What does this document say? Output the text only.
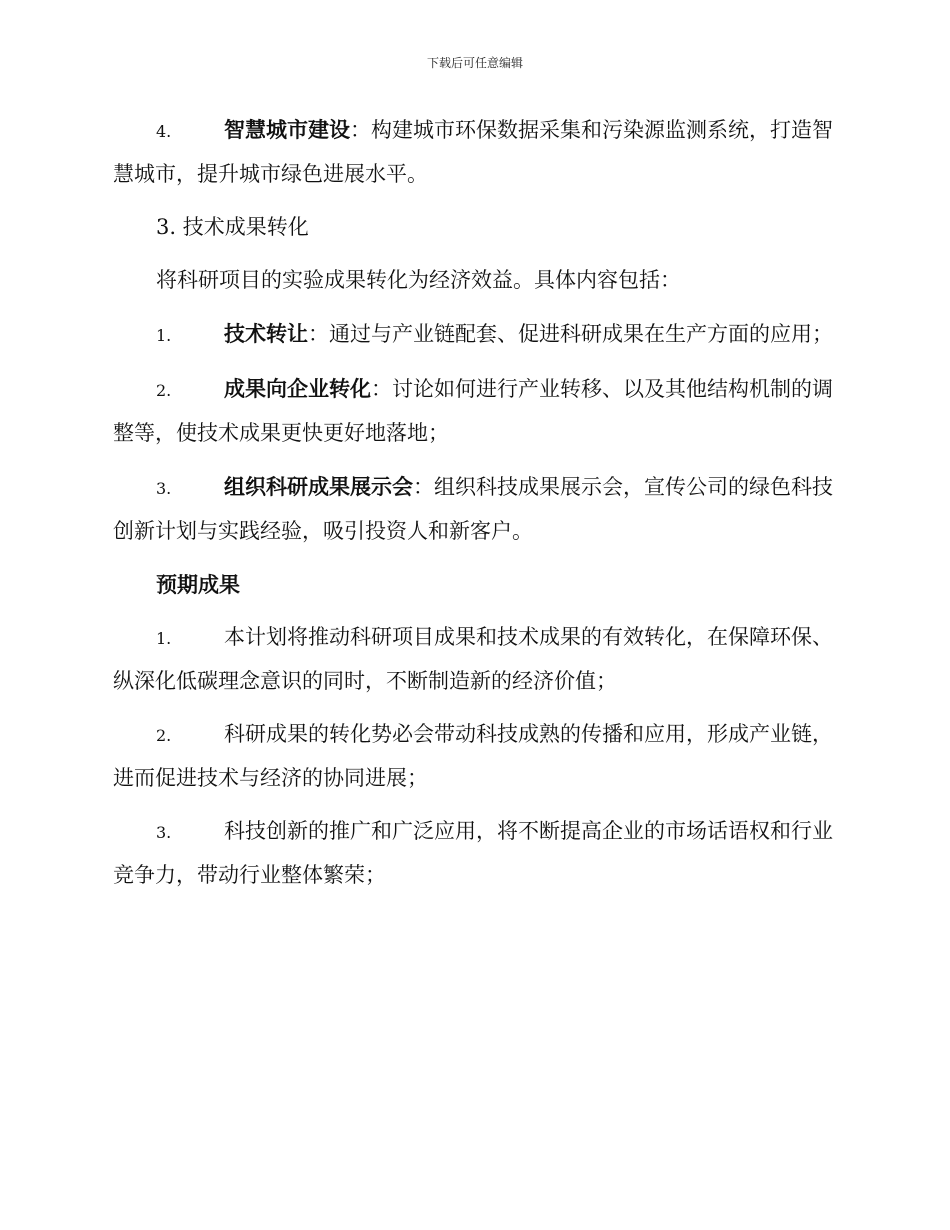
下载后可任意编辑

4.	智慧城市建设：构建城市环保数据采集和污染源监测系统，打造智慧城市，提升城市绿色进展水平。

3. 技术成果转化

将科研项目的实验成果转化为经济效益。具体内容包括：

1.	技术转让：通过与产业链配套、促进科研成果在生产方面的应用；

2.	成果向企业转化：讨论如何进行产业转移、以及其他结构机制的调整等，使技术成果更快更好地落地；

3.	组织科研成果展示会：组织科技成果展示会，宣传公司的绿色科技创新计划与实践经验，吸引投资人和新客户。

预期成果

1.	本计划将推动科研项目成果和技术成果的有效转化，在保障环保、纵深化低碳理念意识的同时，不断制造新的经济价值；

2.	科研成果的转化势必会带动科技成熟的传播和应用，形成产业链，进而促进技术与经济的协同进展；

3.	科技创新的推广和广泛应用，将不断提高企业的市场话语权和行业竞争力，带动行业整体繁荣；
